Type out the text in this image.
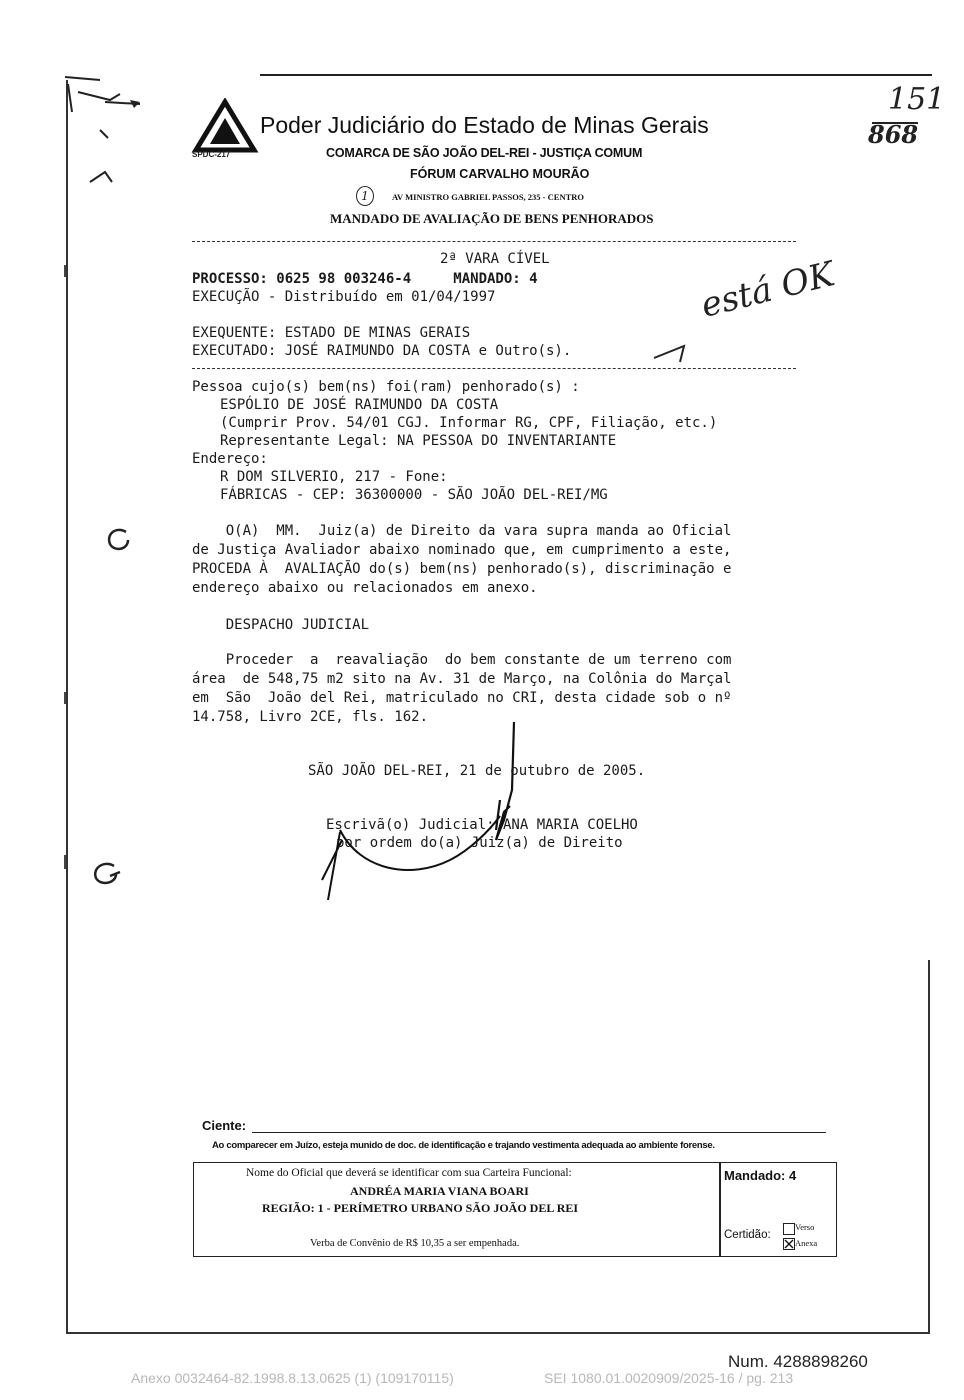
SPDC-217
Poder Judiciário do Estado de Minas Gerais
COMARCA DE SÃO JOÃO DEL-REI - JUSTIÇA COMUM
FÓRUM CARVALHO MOURÃO
1	AV MINISTRO GABRIEL PASSOS, 235 - CENTRO
MANDADO DE AVALIAÇÃO DE BENS PENHORADOS
151
868
2ª VARA CÍVEL
PROCESSO: 0625 98 003246-4     MANDADO: 4
EXECUÇÃO - Distribuído em 01/04/1997
EXEQUENTE: ESTADO DE MINAS GERAIS
EXECUTADO: JOSÉ RAIMUNDO DA COSTA e Outro(s).
está OK
Pessoa cujo(s) bem(ns) foi(ram) penhorado(s) :
ESPÓLIO DE JOSÉ RAIMUNDO DA COSTA
(Cumprir Prov. 54/01 CGJ. Informar RG, CPF, Filiação, etc.)
Representante Legal: NA PESSOA DO INVENTARIANTE
Endereço:
R DOM SILVERIO, 217 - Fone:
FÁBRICAS - CEP: 36300000 - SÃO JOÃO DEL-REI/MG
O(A)  MM.  Juiz(a) de Direito da vara supra manda ao Oficial
de Justiça Avaliador abaixo nominado que, em cumprimento a este,
PROCEDA À  AVALIAÇÃO do(s) bem(ns) penhorado(s), discriminação e
endereço abaixo ou relacionados em anexo.
DESPACHO JUDICIAL
Proceder  a  reavaliação  do bem constante de um terreno com
área  de 548,75 m2 sito na Av. 31 de Março, na Colônia do Marçal
em  São  João del Rei, matriculado no CRI, desta cidade sob o nº
14.758, Livro 2CE, fls. 162.
SÃO JOÃO DEL-REI, 21 de outubro de 2005.
Escrivã(o) Judicial: ANA MARIA COELHO
por ordem do(a) Juiz(a) de Direito
Ciente:
Ao comparecer em Juízo, esteja munido de doc. de identificação e trajando vestimenta adequada ao ambiente forense.
Nome do Oficial que deverá se identificar com sua Carteira Funcional:
ANDRÉA MARIA VIANA BOARI
REGIÃO: 1 - PERÍMETRO URBANO SÃO JOÃO DEL REI
Verba de Convênio de R$ 10,35 a ser empenhada.
Mandado: 4
Certidão:
Verso
Anexa
Num. 4288898260
Anexo 0032464-82.1998.8.13.0625 (1) (109170115)	SEI 1080.01.0020909/2025-16 / pg. 213
